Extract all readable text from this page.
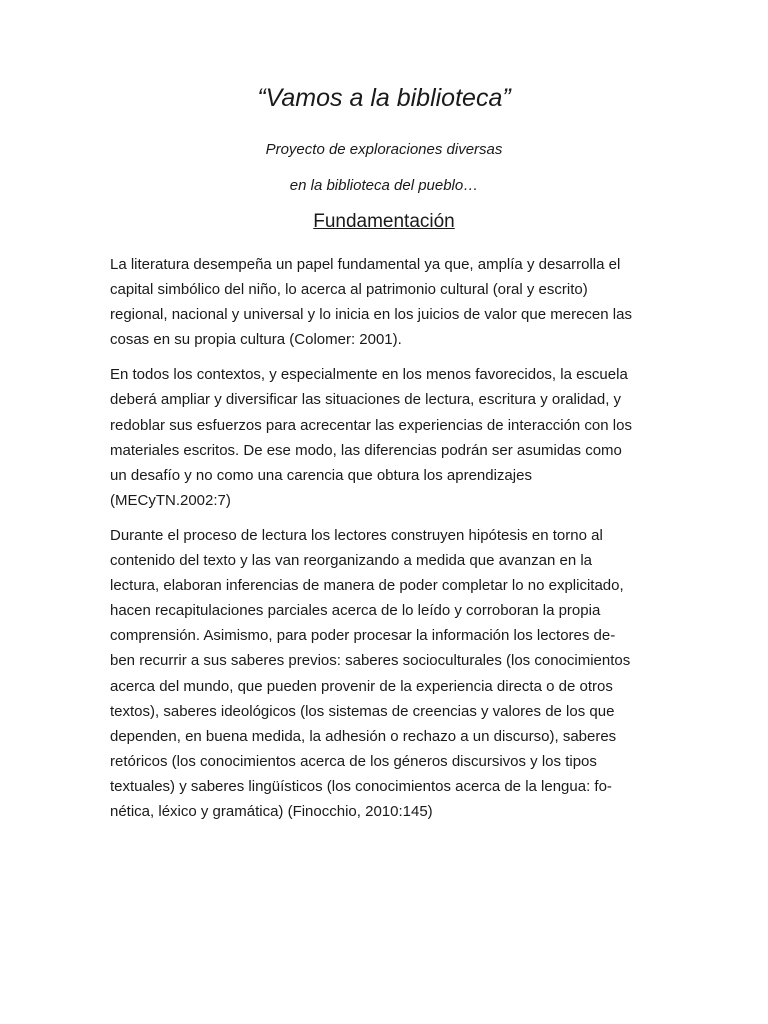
“Vamos a la biblioteca”

Proyecto de exploraciones diversas

en la biblioteca del pueblo…

Fundamentación

La literatura desempeña un papel fundamental ya que, amplía y desarrolla el
capital simbólico del niño, lo acerca al patrimonio cultural (oral y escrito)
regional, nacional y universal y lo inicia en los juicios de valor que merecen las
cosas en su propia cultura (Colomer: 2001).

En todos los contextos, y especialmente en los menos favorecidos, la escuela
deberá ampliar y diversificar las situaciones de lectura, escritura y oralidad, y
redoblar sus esfuerzos para acrecentar las experiencias de interacción con los
materiales escritos. De ese modo, las diferencias podrán ser asumidas como
un desafío y no como una carencia que obtura los aprendizajes
(MECyTN.2002:7)

Durante el proceso de lectura los lectores construyen hipótesis en torno al
contenido del texto y las van reorganizando a medida que avanzan en la
lectura, elaboran inferencias de manera de poder completar lo no explicitado,
hacen recapitulaciones parciales acerca de lo leído y corroboran la propia
comprensión. Asimismo, para poder procesar la información los lectores de-
ben recurrir a sus saberes previos: saberes socioculturales (los conocimientos
acerca del mundo, que pueden provenir de la experiencia directa o de otros
textos), saberes ideológicos (los sistemas de creencias y valores de los que
dependen, en buena medida, la adhesión o rechazo a un discurso), saberes
retóricos (los conocimientos acerca de los géneros discursivos y los tipos
textuales) y saberes lingüísticos (los conocimientos acerca de la lengua: fo-
nética, léxico y gramática) (Finocchio, 2010:145)
